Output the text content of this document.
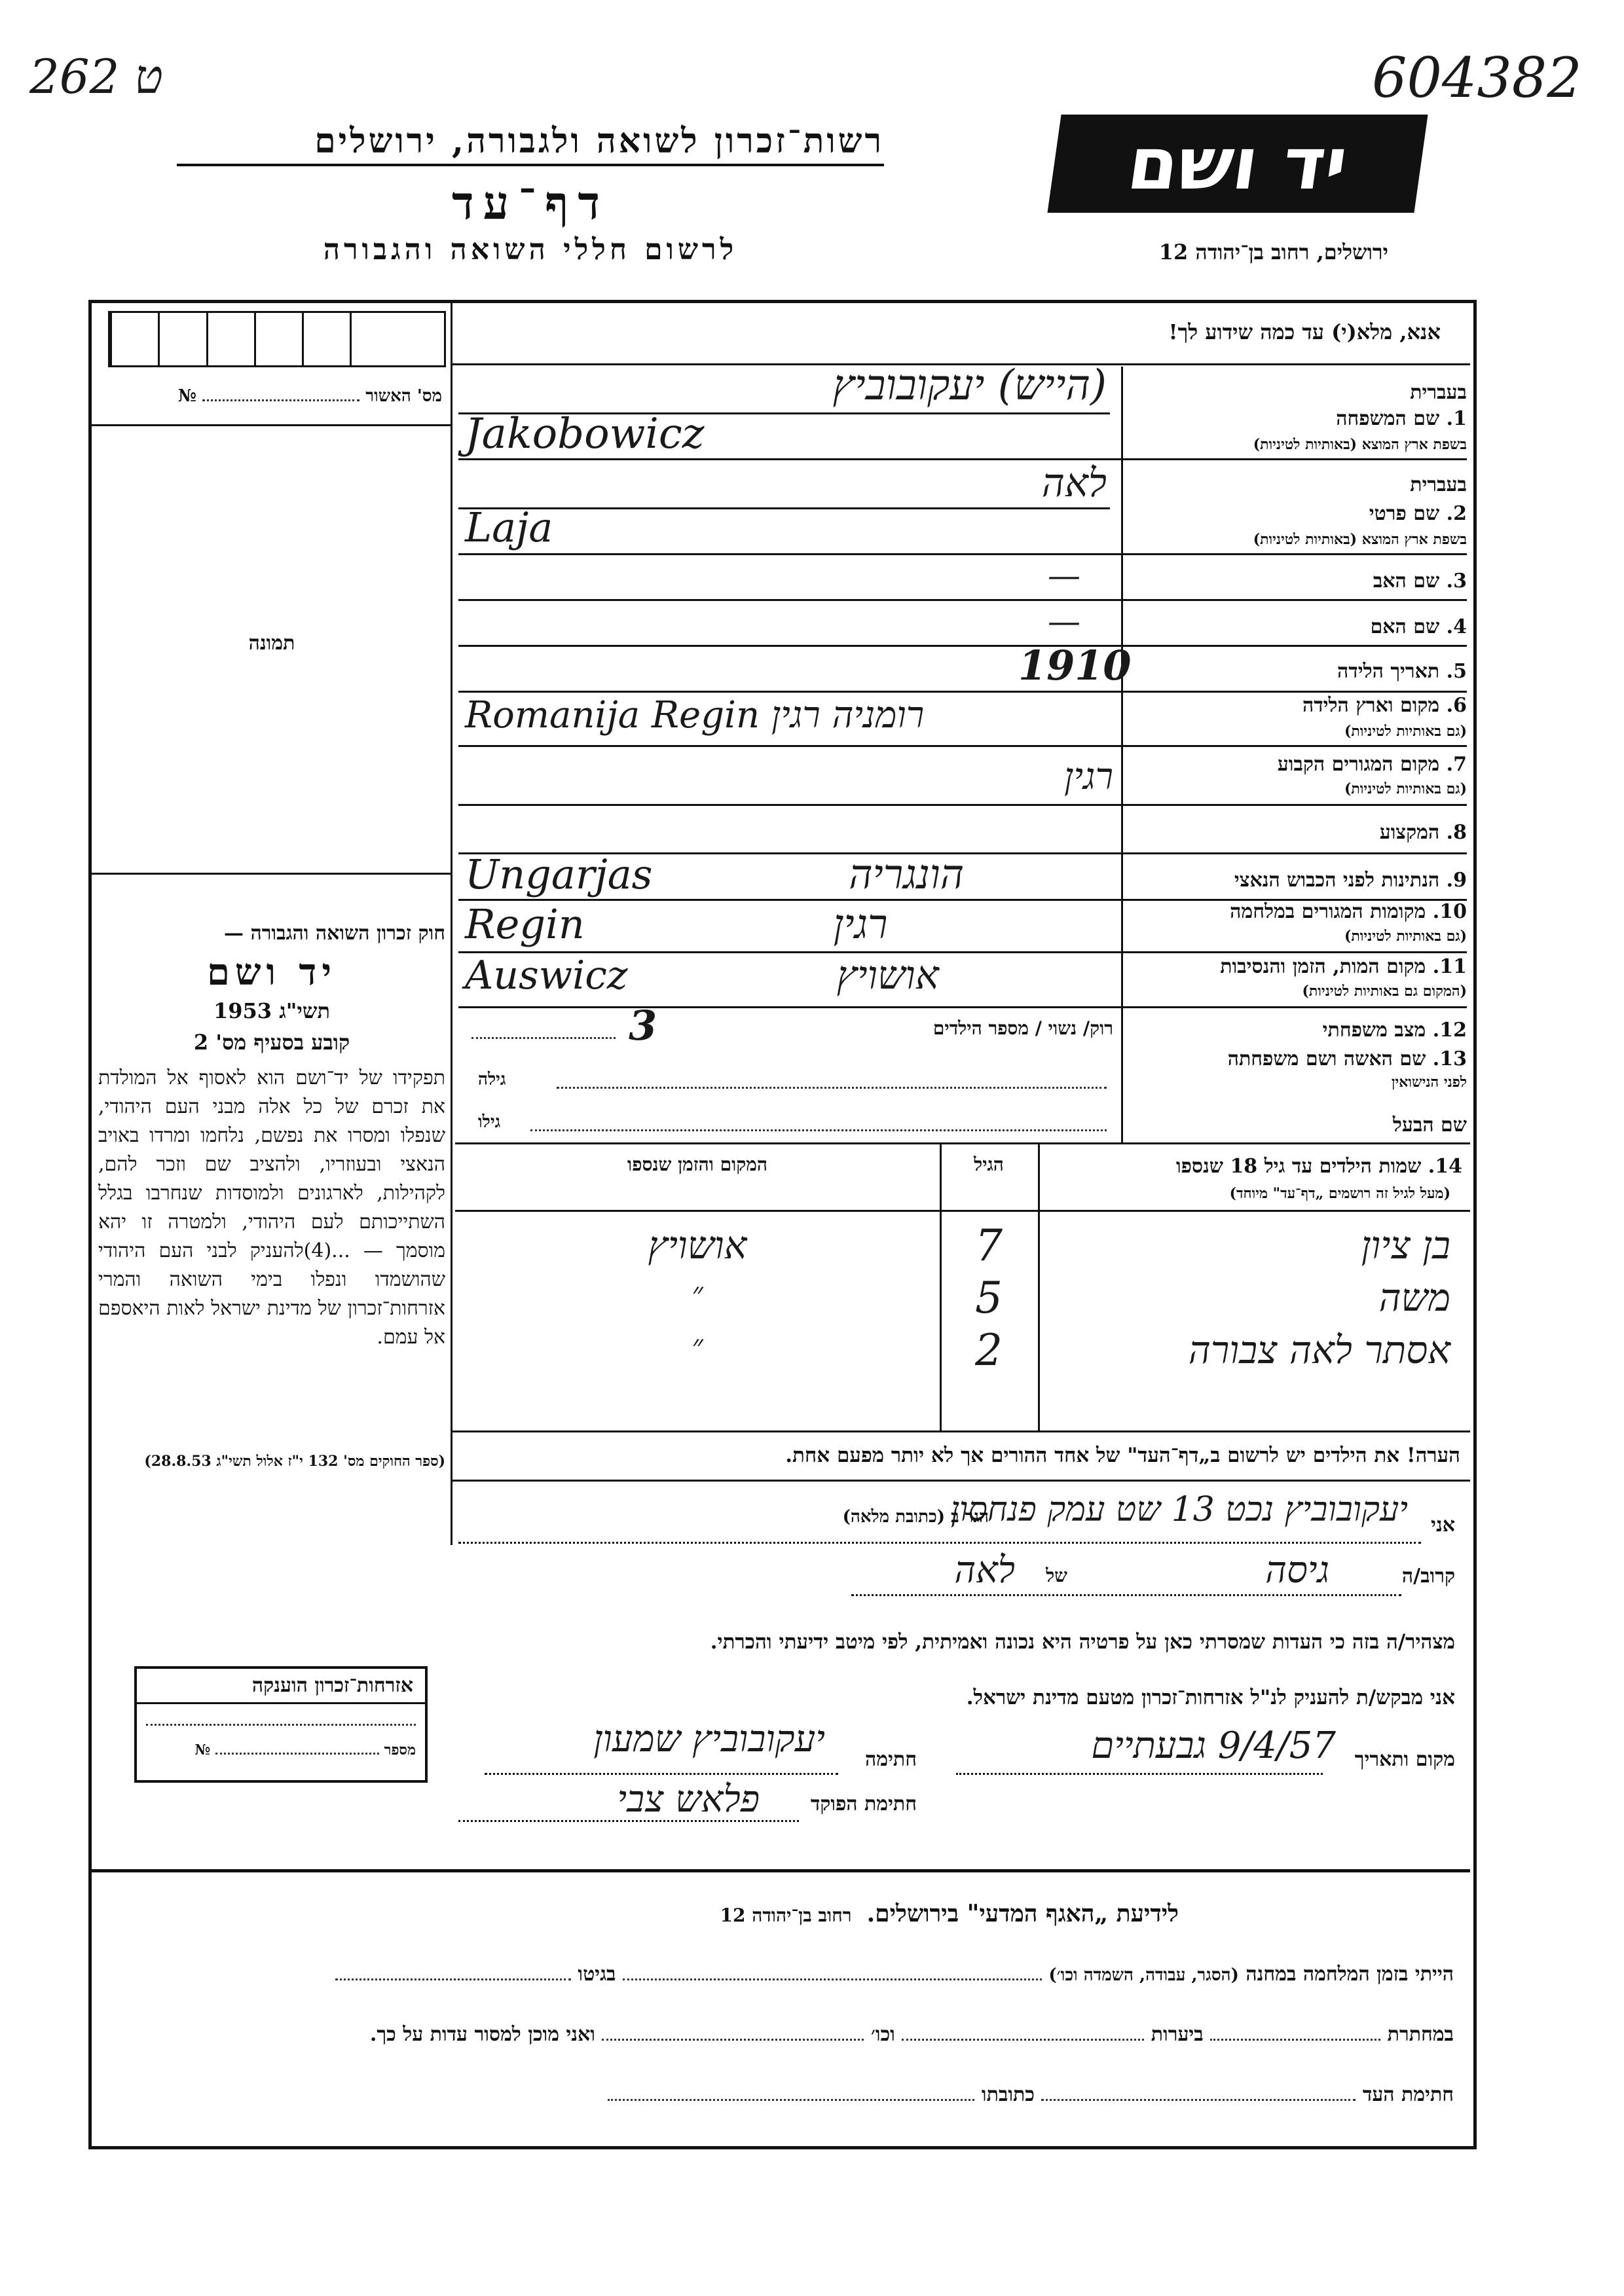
262 ט	604382
רשות־זכרון לשואה ולגבורה, ירושלים
דף־עד
לרשום חללי השואה והגבורה
יד ושם
ירושלים, רחוב בן־יהודה 12
מס' האשור  №
תמונה
חוק זכרון השואה והגבורה —
יד ושם
תשי"ג 1953
קובע בסעיף מס' 2
תפקידו של יד־ושם הוא לאסוף אל המולדת את זכרם של כל אלה מבני העם היהודי, שנפלו ומסרו את נפשם, נלחמו ומרדו באויב הנאצי ובעוזריו, ולהציב שם וזכר להם, לקהילות, לארגונים ולמוסדות שנחרבו בגלל השתייכותם לעם היהודי, ולמטרה זו יהא מוסמך — ...(4)להעניק לבני העם היהודי שהושמדו ונפלו בימי השואה והמרי אזרחות־זכרון של מדינת ישראל לאות היאספם אל עמם.
(ספר החוקים מס' 132 י"ז אלול תשי"ג 28.8.53)
אזרחות־זכרון הוענקה
מספר  №
אנא, מלא(י) עד כמה שידוע לך!
בעברית
1. שם המשפחה
בשפת ארץ המוצא (באותיות לטיניות)
(הייש) יעקובוביץ
Jakobowicz
בעברית
2. שם פרטי
בשפת ארץ המוצא (באותיות לטיניות)
לאה
Laja
3. שם האב
—
4. שם האם
—
5. תאריך הלידה
1910
6. מקום וארץ הלידה
(גם באותיות לטיניות)
Romanija Regin רומניה רגין
7. מקום המגורים הקבוע
(גם באותיות לטיניות)
רגין
8. המקצוע
9. הנתינות לפני הכבוש הנאצי
Ungarjas הונגריה
10. מקומות המגורים במלחמה
(גם באותיות לטיניות)
Regin רגין
11. מקום המות, הזמן והנסיבות
(המקום גם באותיות לטיניות)
Auswicz אושויץ
12. מצב משפחתי
רוק/ נשוי / מספר הילדים
3
13. שם האשה ושם משפחתה
לפני הנישואין
גילה
שם הבעל
גילו
14. שמות הילדים עד גיל 18 שנספו
(מעל לגיל זה רושמים „דף־עד" מיוחד)
הגיל
המקום והזמן שנספו
בן ציון
7
אושויץ
משה
5
״
אסתר לאה צבורה
2
״
הערה! את הילדים יש לרשום ב„דף־העד" של אחד ההורים אך לא יותר מפעם אחת.
אני
יעקובוביץ נכט 13 שט עמק פנחסון
הגר ב (כתובת מלאה)
קרוב/ה
גיסה
של
לאה
מצהיר/ה בזה כי העדות שמסרתי כאן על פרטיה היא נכונה ואמיתית, לפי מיטב ידיעתי והכרתי.
אני מבקש/ת להעניק לנ"ל אזרחות־זכרון מטעם מדינת ישראל.
מקום ותאריך
9/4/57 גבעתיים
חתימה
יעקובוביץ שמעון
חתימת הפוקד
פלאש צבי
לידיעת „האגף המדעי" בירושלים. רחוב בן־יהודה 12
הייתי בזמן המלחמה במחנה (הסגר, עבודה, השמדה וכו׳)  בגיטו
במחתרת  ביערות  וכו׳  ואני מוכן למסור עדות על כך.
חתימת העד  כתובתו
